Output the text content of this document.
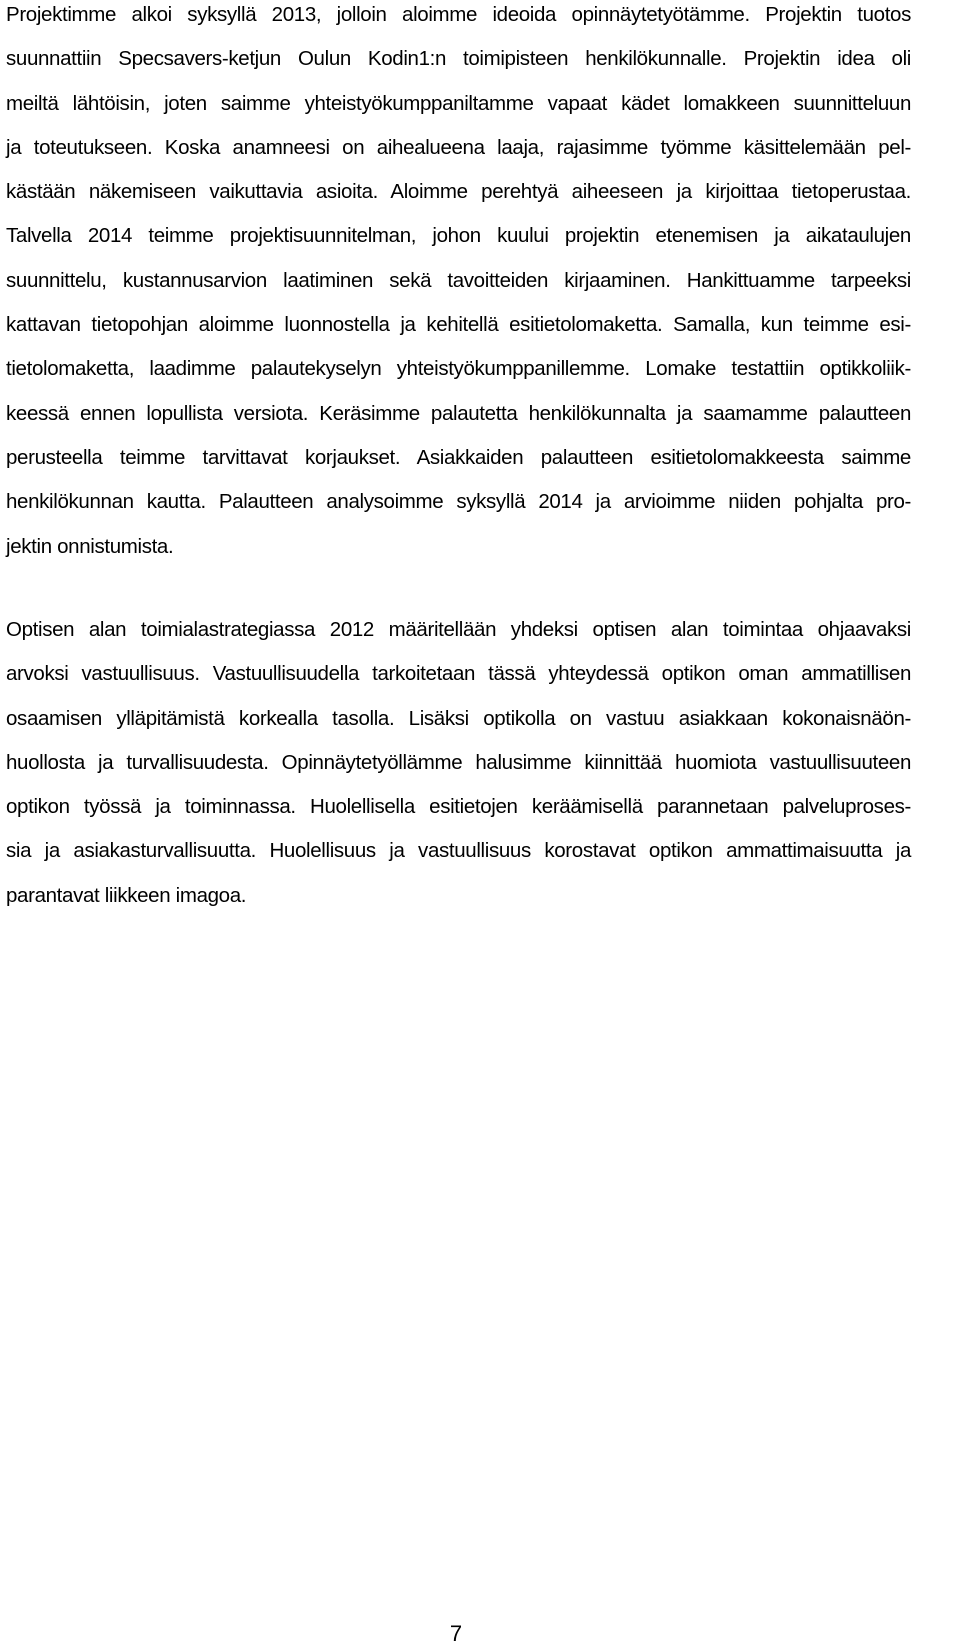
Projektimme alkoi syksyllä 2013, jolloin aloimme ideoida opinnäytetyötämme. Projektin tuotos
suunnattiin Specsavers-ketjun Oulun Kodin1:n toimipisteen henkilökunnalle. Projektin idea oli
meiltä lähtöisin, joten saimme yhteistyökumppaniltamme vapaat kädet lomakkeen suunnitteluun
ja toteutukseen. Koska anamneesi on aihealueena laaja, rajasimme työmme käsittelemään pel-
kästään näkemiseen vaikuttavia asioita. Aloimme perehtyä aiheeseen ja kirjoittaa tietoperustaa.
Talvella 2014 teimme projektisuunnitelman, johon kuului projektin etenemisen ja aikataulujen
suunnittelu, kustannusarvion laatiminen sekä tavoitteiden kirjaaminen. Hankittuamme tarpeeksi
kattavan tietopohjan aloimme luonnostella ja kehitellä esitietolomaketta. Samalla, kun teimme esi-
tietolomaketta, laadimme palautekyselyn yhteistyökumppanillemme. Lomake testattiin optikkoliik-
keessä ennen lopullista versiota. Keräsimme palautetta henkilökunnalta ja saamamme palautteen
perusteella teimme tarvittavat korjaukset. Asiakkaiden palautteen esitietolomakkeesta saimme
henkilökunnan kautta. Palautteen analysoimme syksyllä 2014 ja arvioimme niiden pohjalta pro-
jektin onnistumista.
Optisen alan toimialastrategiassa 2012 määritellään yhdeksi optisen alan toimintaa ohjaavaksi
arvoksi vastuullisuus. Vastuullisuudella tarkoitetaan tässä yhteydessä optikon oman ammatillisen
osaamisen ylläpitämistä korkealla tasolla. Lisäksi optikolla on vastuu asiakkaan kokonaisnäön-
huollosta ja turvallisuudesta. Opinnäytetyöllämme halusimme kiinnittää huomiota vastuullisuuteen
optikon työssä ja toiminnassa. Huolellisella esitietojen keräämisellä parannetaan palveluproses-
sia ja asiakasturvallisuutta. Huolellisuus ja vastuullisuus korostavat optikon ammattimaisuutta ja
parantavat liikkeen imagoa.
7
